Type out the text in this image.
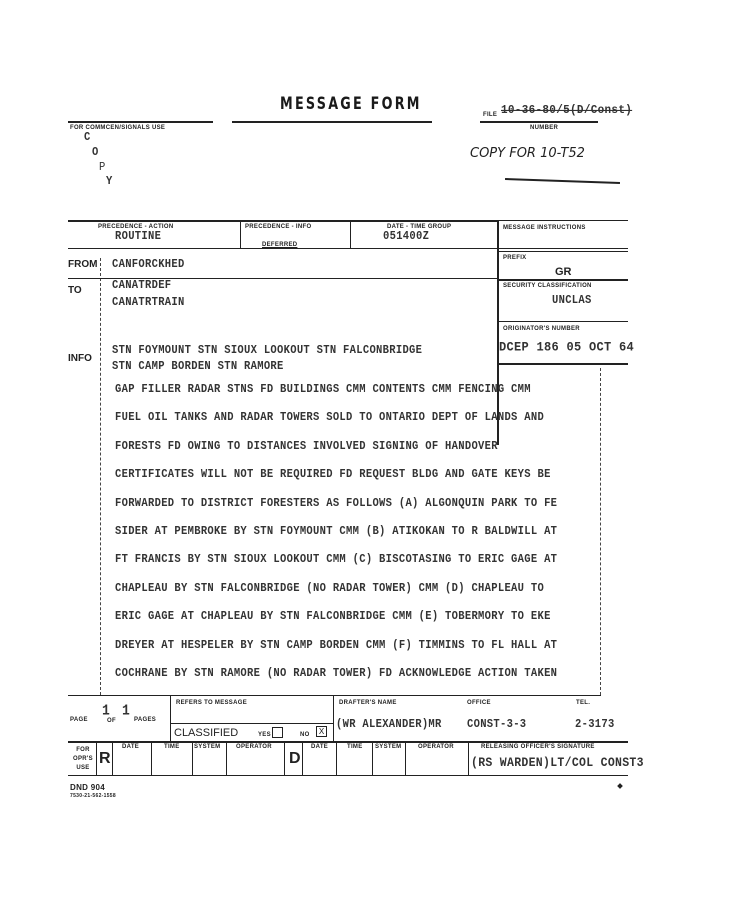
MESSAGE FORM
FILE 10-36-80/5(D/Const)
NUMBER
FOR COMMCEN/SIGNALS USE
C
O
P
Y
COPY FOR 10-T52
PRECEDENCE - ACTION
ROUTINE
PRECEDENCE - INFO
DEFERRED
DATE - TIME GROUP
051400Z
MESSAGE INSTRUCTIONS
PREFIX
GR
SECURITY CLASSIFICATION
UNCLAS
ORIGINATOR'S NUMBER
DCEP 186 05 OCT 64
FROM CANFORCKHED
TO	CANATRDEF
CANATRTRAIN
INFO
STN FOYMOUNT STN SIOUX LOOKOUT STN FALCONBRIDGE
STN CAMP BORDEN STN RAMORE
GAP FILLER RADAR STNS FD BUILDINGS CMM CONTENTS CMM FENCING CMM
FUEL OIL TANKS AND RADAR TOWERS SOLD TO ONTARIO DEPT OF LANDS AND
FORESTS FD OWING TO DISTANCES INVOLVED SIGNING OF HANDOVER
CERTIFICATES WILL NOT BE REQUIRED FD REQUEST BLDG AND GATE KEYS BE
FORWARDED TO DISTRICT FORESTERS AS FOLLOWS (A) ALGONQUIN PARK TO FE
SIDER AT PEMBROKE BY STN FOYMOUNT CMM (B) ATIKOKAN TO R BALDWILL AT
FT FRANCIS BY STN SIOUX LOOKOUT CMM (C) BISCOTASING TO ERIC GAGE AT
CHAPLEAU BY STN FALCONBRIDGE (NO RADAR TOWER) CMM (D) CHAPLEAU TO
ERIC GAGE AT CHAPLEAU BY STN FALCONBRIDGE CMM (E) TOBERMORY TO EKE
DREYER AT HESPELER BY STN CAMP BORDEN CMM (F) TIMMINS TO FL HALL AT
COCHRANE BY STN RAMORE (NO RADAR TOWER) FD ACKNOWLEDGE ACTION TAKEN
PAGE
1
OF
1
PAGES
REFERS TO MESSAGE
CLASSIFIED	YES	NO	X
DRAFTER'S NAME
(WR ALEXANDER)MR
OFFICE
CONST-3-3
TEL.
2-3173
FOR OPR'S USE
R
DATE	TIME SYSTEM	OPERATOR
D
DATE	TIME SYSTEM	OPERATOR	RELEASING OFFICER'S SIGNATURE
(RS WARDEN)LT/COL CONST3
DND 904
7530-21-562-1558
